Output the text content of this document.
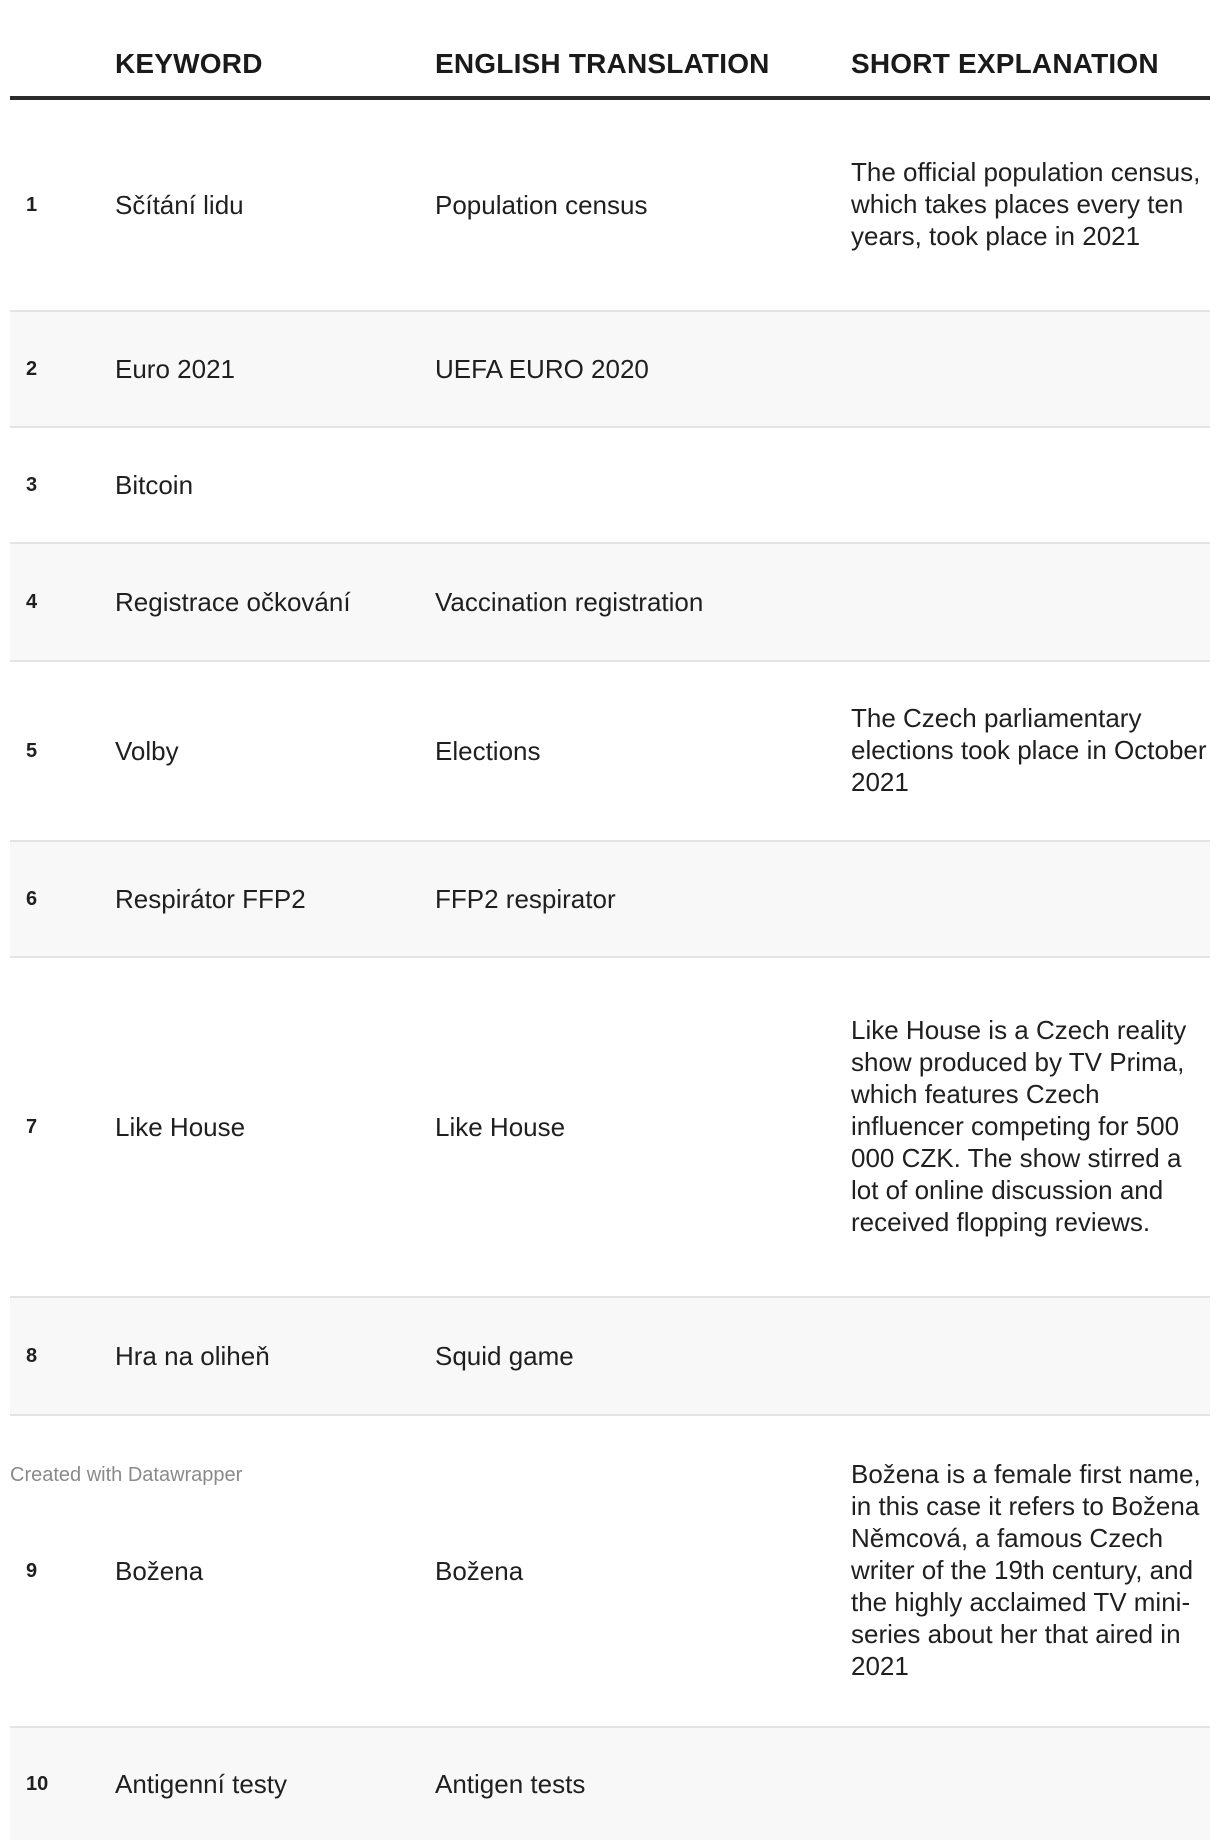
	KEYWORD	ENGLISH TRANSLATION	SHORT EXPLANATION
1	Sčítání lidu	Population census	The official population census, which takes places every ten years, took place in 2021
2	Euro 2021	UEFA EURO 2020	
3	Bitcoin		
4	Registrace očkování	Vaccination registration	
5	Volby	Elections	The Czech parliamentary elections took place in October 2021
6	Respirátor FFP2	FFP2 respirator	
7	Like House	Like House	Like House is a Czech reality show produced by TV Prima, which features Czech influencer competing for 500 000 CZK. The show stirred a lot of online discussion and received flopping reviews.
8	Hra na oliheň	Squid game	
9	Božena	Božena	Božena is a female first name, in this case it refers to Božena Němcová, a famous Czech writer of the 19th century, and the highly acclaimed TV mini-series about her that aired in 2021
10	Antigenní testy	Antigen tests	
Created with Datawrapper
